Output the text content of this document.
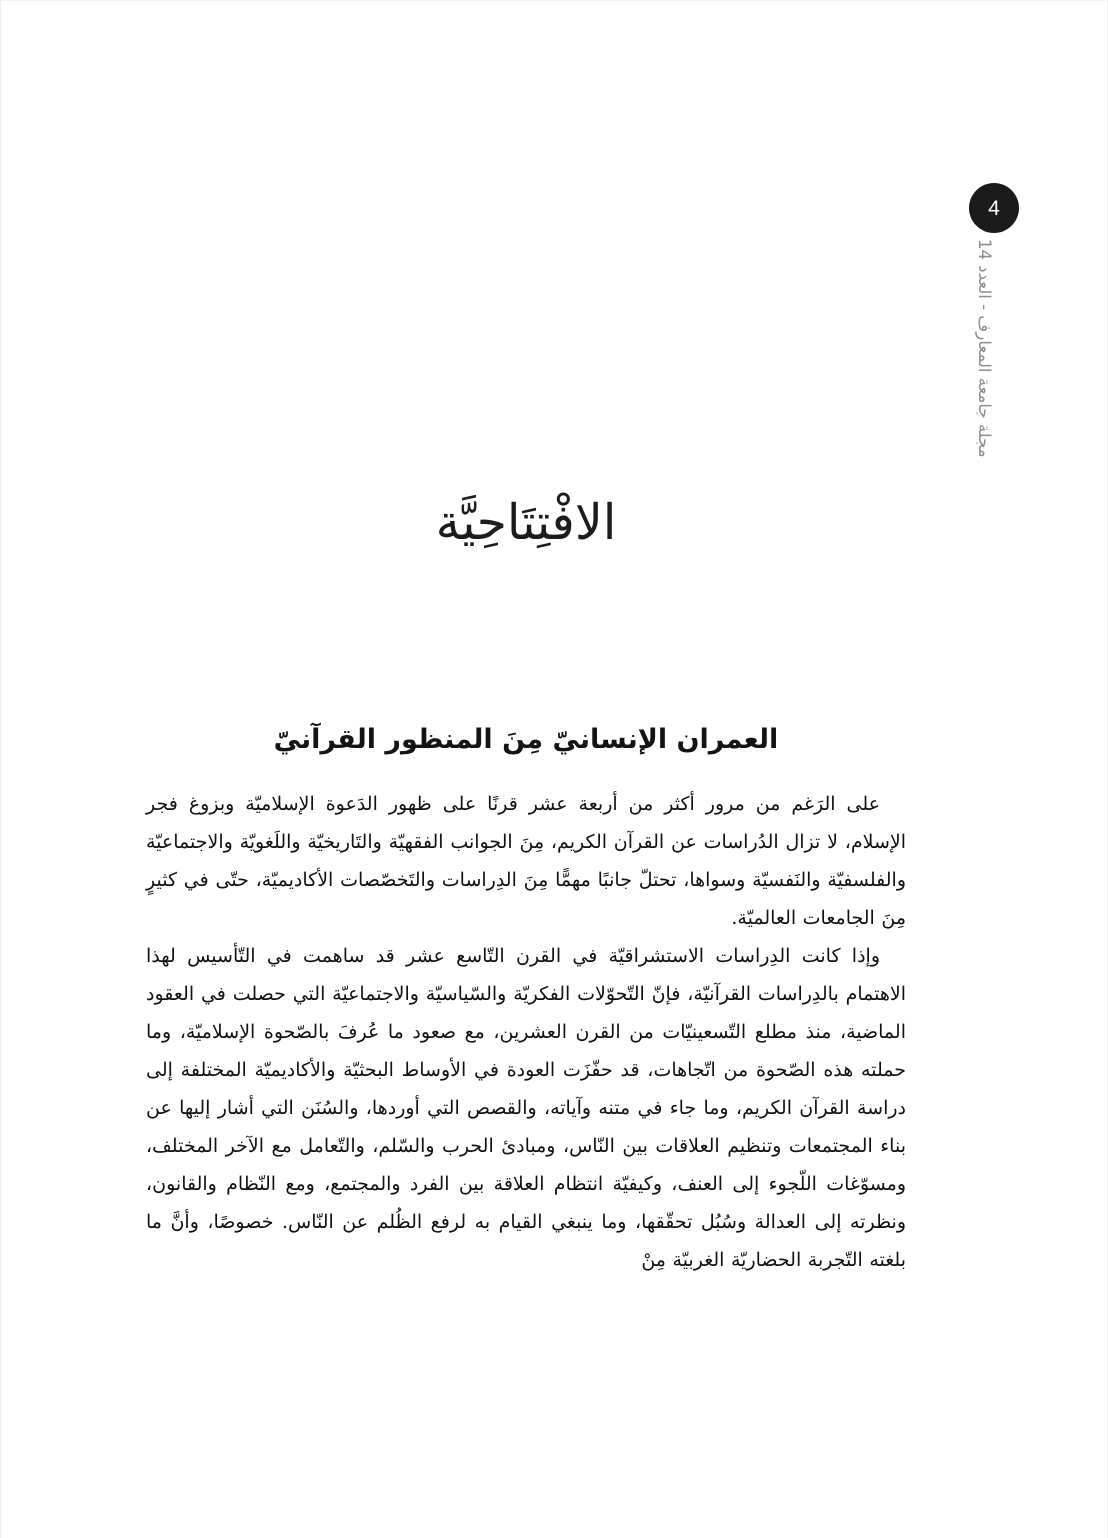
4
مجلة جامعة المعارف - العدد 14
الافْتِتَاحِيَّة
العمران الإنسانيّ مِنَ المنظور القرآنيّ

على الرَغم من مرور أكثر من أربعة عشر قرنًا على ظهور الدَعوة الإسلاميّة وبزوغ فجر الإسلام، لا تزال الدُراسات عن القرآن الكريم، مِنَ الجوانب الفقهيّة والتَاريخيّة واللَغويّة والاجتماعيّة والفلسفيّة والنَفسيّة وسواها، تحتلّ جانبًا مهمًّا مِنَ الدِراسات والتَخصّصات الأكاديميّة، حتّى في كثيرٍ مِنَ الجامعات العالميّة.

وإذا كانت الدِراسات الاستشراقيّة في القرن التّاسع عشر قد ساهمت في التّأسيس لهذا الاهتمام بالدِراسات القرآنيّة، فإنّ التّحوّلات الفكريّة والسّياسيّة والاجتماعيّة التي حصلت في العقود الماضية، منذ مطلع التّسعينيّات من القرن العشرين، مع صعود ما عُرفَ بالصّحوة الإسلاميّة، وما حملته هذه الصّحوة من اتّجاهات، قد حفّزَت العودة في الأوساط البحثيّة والأكاديميّة المختلفة إلى دراسة القرآن الكريم، وما جاء في متنه وآياته، والقصص التي أوردها، والسُنَن التي أشار إليها عن بناء المجتمعات وتنظيم العلاقات بين النّاس، ومبادئ الحرب والسّلم، والتّعامل مع الآخر المختلف، ومسوّغات اللّجوء إلى العنف، وكيفيّة انتظام العلاقة بين الفرد والمجتمع، ومع النّظام والقانون، ونظرته إلى العدالة وسُبُل تحقّقها، وما ينبغي القيام به لرفع الظُلم عن النّاس. خصوصًا، وأنَّ ما بلغته التّجربة الحضاريّة الغربيّة مِنْ
